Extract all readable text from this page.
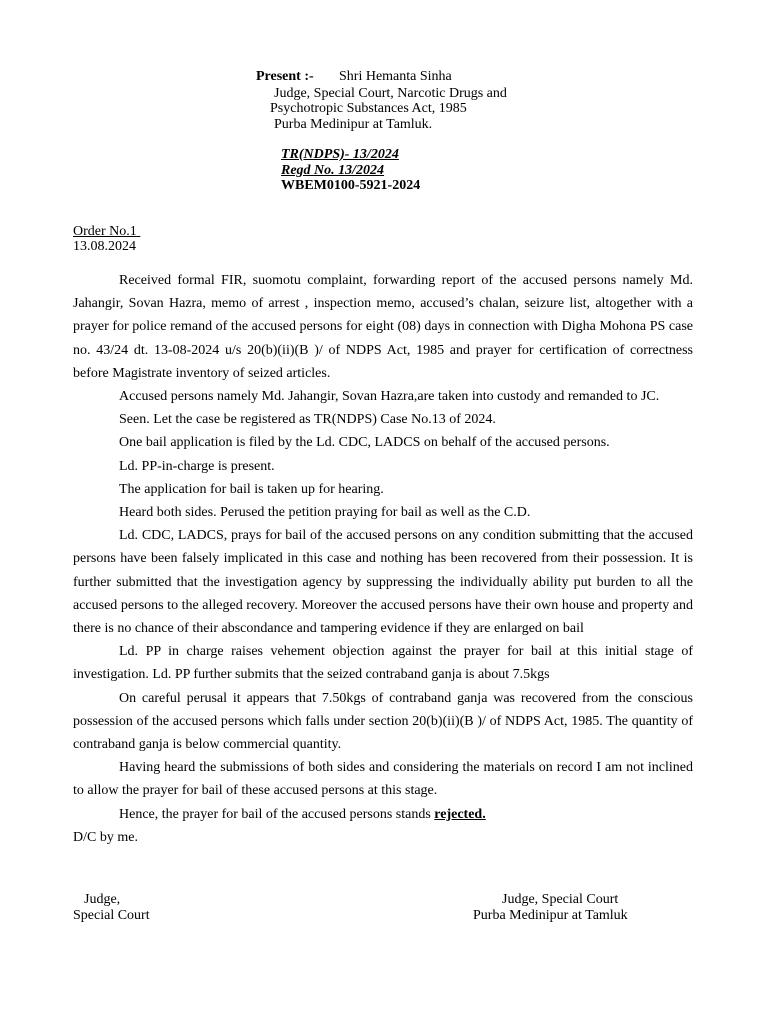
Present :- Shri Hemanta Sinha
Judge, Special Court, Narcotic Drugs and
Psychotropic Substances Act, 1985
Purba Medinipur at Tamluk.
TR(NDPS)- 13/2024
Regd No. 13/2024
WBEM0100-5921-2024
Order No.1
13.08.2024

Received formal FIR, suomotu complaint, forwarding report of the accused persons namely Md. Jahangir, Sovan Hazra, memo of arrest , inspection memo, accused’s chalan, seizure list, altogether with a prayer for police remand of the accused persons for eight (08) days in connection with Digha Mohona PS case no. 43/24 dt. 13-08-2024 u/s 20(b)(ii)(B )/ of NDPS Act, 1985 and prayer for certification of correctness before Magistrate inventory of seized articles.

Accused persons namely Md. Jahangir, Sovan Hazra,are taken into custody and remanded to JC.

Seen. Let the case be registered as TR(NDPS) Case No.13 of 2024.

One bail application is filed by the Ld. CDC, LADCS on behalf of the accused persons.

Ld. PP-in-charge is present.

The application for bail is taken up for hearing.

Heard both sides. Perused the petition praying for bail as well as the C.D.

Ld. CDC, LADCS, prays for bail of the accused persons on any condition submitting that the accused persons have been falsely implicated in this case and nothing has been recovered from their possession. It is further submitted that the investigation agency by suppressing the individually ability put burden to all the accused persons to the alleged recovery. Moreover the accused persons have their own house and property and there is no chance of their abscondance and tampering evidence if they are enlarged on bail

Ld. PP in charge raises vehement objection against the prayer for bail at this initial stage of investigation. Ld. PP further submits that the seized contraband ganja is about 7.5kgs

On careful perusal it appears that 7.50kgs of contraband ganja was recovered from the conscious possession of the accused persons which falls under section 20(b)(ii)(B )/ of NDPS Act, 1985. The quantity of contraband ganja is below commercial quantity.

Having heard the submissions of both sides and considering the materials on record I am not inclined to allow the prayer for bail of these accused persons at this stage.

Hence, the prayer for bail of the accused persons stands rejected.

D/C by me.

Judge,
Special Court
Judge, Special Court
Purba Medinipur at Tamluk
